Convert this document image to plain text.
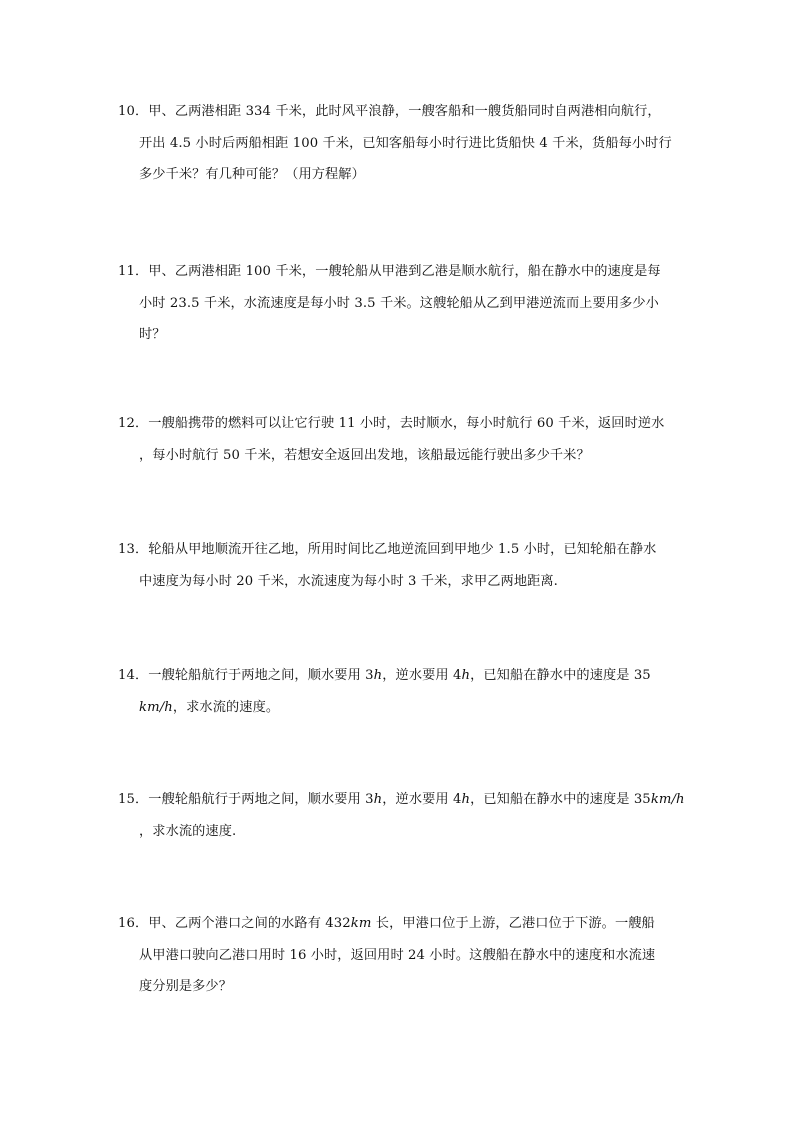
10．甲、乙两港相距 334 千米，此时风平浪静，一艘客船和一艘货船同时自两港相向航行，
开出 4.5 小时后两船相距 100 千米，已知客船每小时行进比货船快 4 千米，货船每小时行
多少千米？有几种可能？（用方程解）
11．甲、乙两港相距 100 千米，一艘轮船从甲港到乙港是顺水航行，船在静水中的速度是每
小时 23.5 千米，水流速度是每小时 3.5 千米。这艘轮船从乙到甲港逆流而上要用多少小
时？
12．一艘船携带的燃料可以让它行驶 11 小时，去时顺水，每小时航行 60 千米，返回时逆水
，每小时航行 50 千米，若想安全返回出发地，该船最远能行驶出多少千米？
13．轮船从甲地顺流开往乙地，所用时间比乙地逆流回到甲地少 1.5 小时，已知轮船在静水
中速度为每小时 20 千米，水流速度为每小时 3 千米，求甲乙两地距离.
14．一艘轮船航行于两地之间，顺水要用 3h，逆水要用 4h，已知船在静水中的速度是 35
km/h，求水流的速度。
15．一艘轮船航行于两地之间，顺水要用 3h，逆水要用 4h，已知船在静水中的速度是 35km/h
，求水流的速度.
16．甲、乙两个港口之间的水路有 432km 长，甲港口位于上游，乙港口位于下游。一艘船
从甲港口驶向乙港口用时 16 小时，返回用时 24 小时。这艘船在静水中的速度和水流速
度分别是多少？
